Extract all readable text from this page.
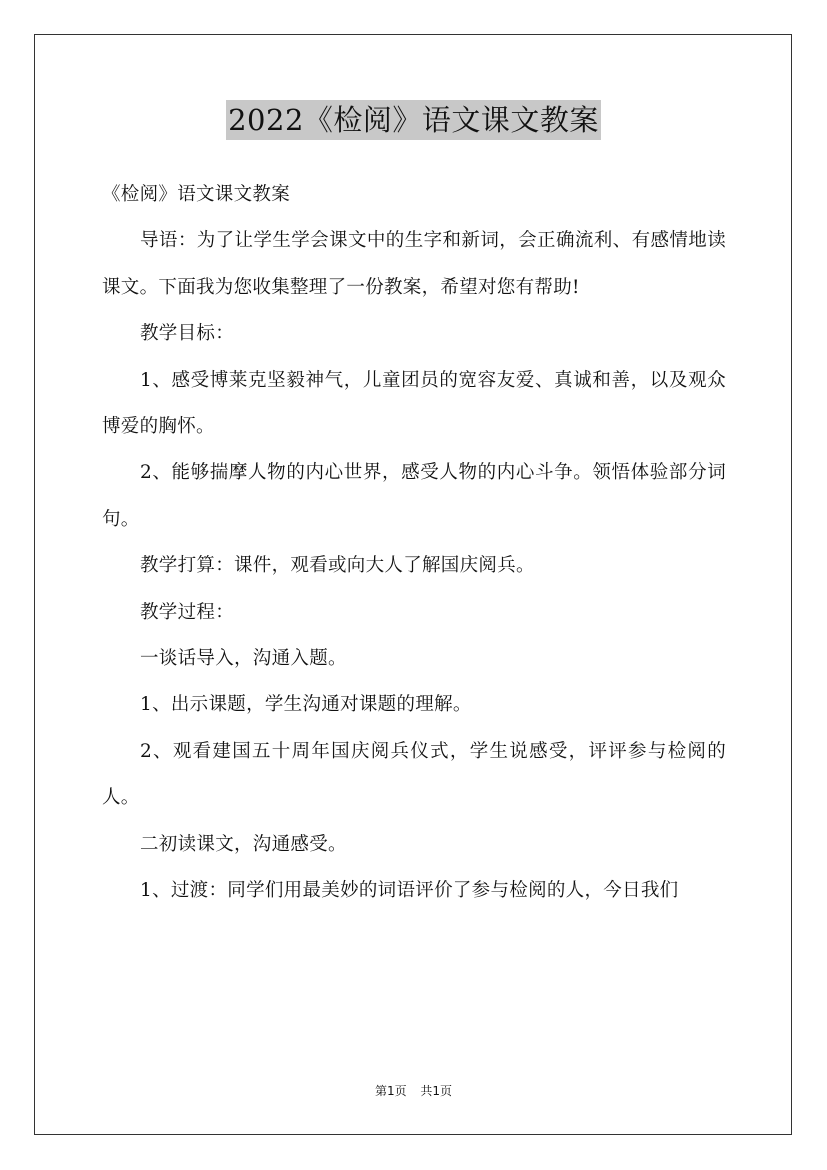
2022《检阅》语文课文教案

《检阅》语文课文教案

导语：为了让学生学会课文中的生字和新词，会正确流利、有感情地读课文。下面我为您收集整理了一份教案，希望对您有帮助!

教学目标：

1、感受博莱克坚毅神气，儿童团员的宽容友爱、真诚和善，以及观众博爱的胸怀。

2、能够揣摩人物的内心世界，感受人物的内心斗争。领悟体验部分词句。

教学打算：课件，观看或向大人了解国庆阅兵。

教学过程：

一谈话导入，沟通入题。

1、出示课题，学生沟通对课题的理解。

2、观看建国五十周年国庆阅兵仪式，学生说感受，评评参与检阅的人。

二初读课文，沟通感受。

1、过渡：同学们用最美妙的词语评价了参与检阅的人，今日我们

第1页 共1页
